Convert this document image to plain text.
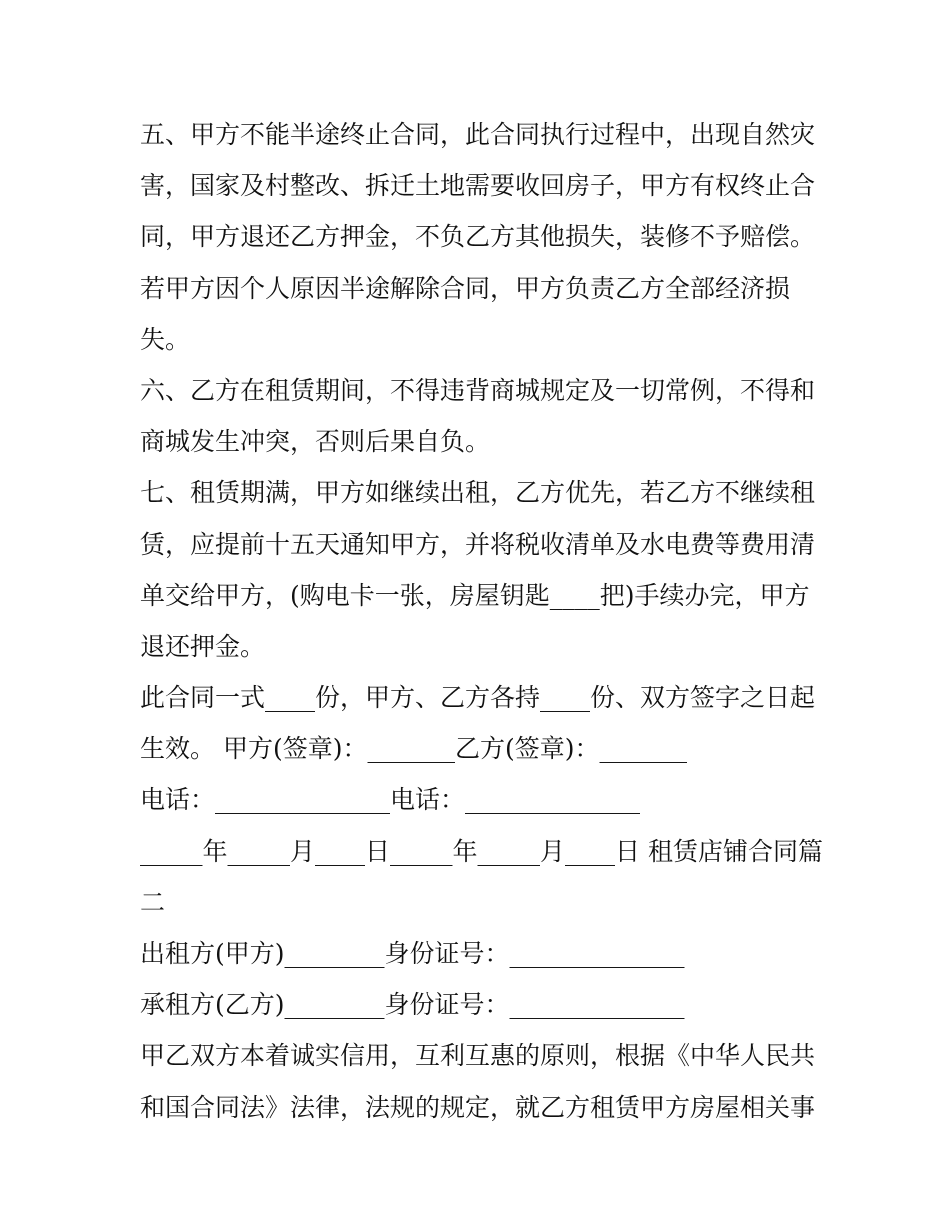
五、甲方不能半途终止合同，此合同执行过程中，出现自然灾
害，国家及村整改、拆迁土地需要收回房子，甲方有权终止合
同，甲方退还乙方押金，不负乙方其他损失，装修不予赔偿。
若甲方因个人原因半途解除合同，甲方负责乙方全部经济损
失。
六、乙方在租赁期间，不得违背商城规定及一切常例，不得和
商城发生冲突，否则后果自负。
七、租赁期满，甲方如继续出租，乙方优先，若乙方不继续租
赁，应提前十五天通知甲方，并将税收清单及水电费等费用清
单交给甲方，(购电卡一张，房屋钥匙____把)手续办完，甲方
退还押金。
此合同一式____份，甲方、乙方各持____份、双方签字之日起
生效。 甲方(签章)：_______乙方(签章)：_______
电话：______________电话：______________
_____年_____月____日_____年_____月____日 租赁店铺合同篇
二
出租方(甲方)________身份证号：______________
承租方(乙方)________身份证号：______________
甲乙双方本着诚实信用，互利互惠的原则，根据《中华人民共
和国合同法》法律，法规的规定，就乙方租赁甲方房屋相关事
